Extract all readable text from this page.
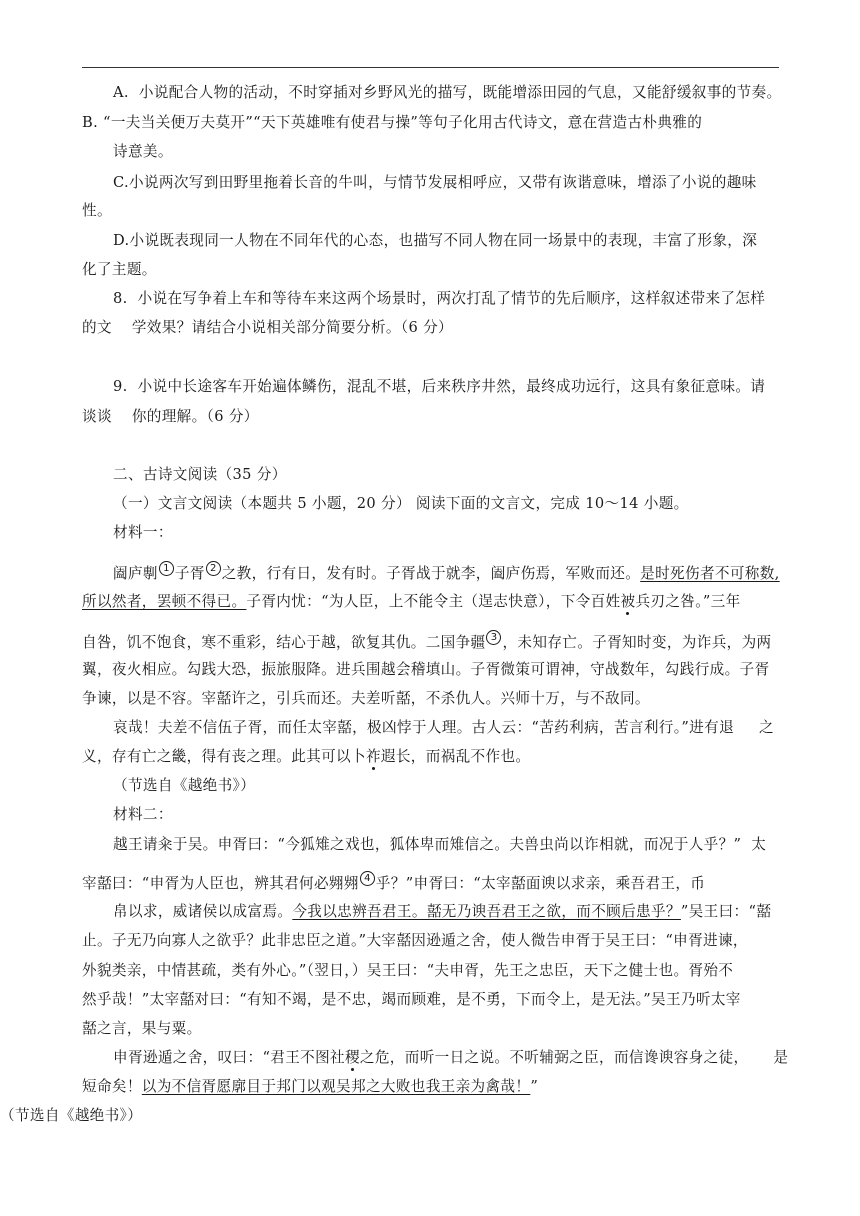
A.  小说配合人物的活动，不时穿插对乡野风光的描写，既能增添田园的气息，又能舒缓叙事的节奏。
B. “一夫当关便万夫莫开”“天下英雄唯有使君与操”等句子化用古代诗文，意在营造古朴典雅的
诗意美。
C.小说两次写到田野里拖着长音的牛叫，与情节发展相呼应，又带有诙谐意味，增添了小说的趣味
性。
D.小说既表现同一人物在不同年代的心态，也描写不同人物在同一场景中的表现，丰富了形象，深
化了主题。
8.  小说在写争着上车和等待车来这两个场景时，两次打乱了情节的先后顺序，这样叙述带来了怎样
的文    学效果？请结合小说相关部分简要分析。（6 分）
9.  小说中长途客车开始遍体鳞伤，混乱不堪，后来秩序井然，最终成功远行，这具有象征意味。请
谈谈    你的理解。（6 分）
二、古诗文阅读（35 分）
（一）文言文阅读（本题共 5 小题，20 分） 阅读下面的文言文，完成 10～14 小题。
材料一：
阖庐剸 1 子胥 2 之教，行有日，发有时。子胥战于就李，阖庐伤焉，军败而还。是时死伤者不可称数,
所以然者，罢顿不得已。子胥内忧：“为人臣，上不能令主（逞志快意），下令百姓被兵刃之咎。”三年
自咎，饥不饱食，寒不重彩，结心于越，欲复其仇。二国争疆 3 ，未知存亡。子胥知时变，为诈兵，为两
翼，夜火相应。勾践大恐，振旅服降。进兵围越会稽填山。子胥微策可谓神，守战数年，勾践行成。子胥
争谏，以是不容。宰嚭许之，引兵而还。夫差听嚭，不杀仇人。兴师十万，与不敌同。
哀哉！夫差不信伍子胥，而任太宰嚭，极凶悖于人理。古人云：“苦药利病，苦言利行。”进有退     之
义，存有亡之畿，得有丧之理。此其可以卜祚遐长，而祸乱不作也。
（节选自《越绝书》）
材料二：
越王请籴于吴。申胥曰：“今狐雉之戏也，狐体卑而雉信之。夫兽虫尚以诈相就，而况于人乎？”  太
宰嚭曰：“申胥为人臣也，辨其君何必翙翙 4 乎？”申胥曰：“太宰嚭面谀以求亲，乘吾君王，币
帛以求，威诸侯以成富焉。今我以忠辨吾君王。嚭无乃谀吾君王之欲，而不顾后患乎？”吴王曰：“嚭
止。子无乃向寡人之欲乎？此非忠臣之道。”大宰嚭因逊遁之舍，使人微告申胥于吴王曰：“申胥进谏，
外貌类亲，中情甚疏，类有外心。”（翌日，）吴王曰：“夫申胥，先王之忠臣，天下之健士也。胥殆不
然乎哉！”太宰嚭对曰：“有知不竭，是不忠，竭而顾难，是不勇，下而令上，是无法。”吴王乃听太宰
嚭之言，果与粟。
申胥逊遁之舍，叹曰：“君王不图社稷之危，而听一日之说。不听辅弼之臣，而信谗谀容身之徒，     是
短命矣！以为不信胥愿廓目于邦门以观吴邦之大败也我王亲为禽哉！”
（节选自《越绝书》）
